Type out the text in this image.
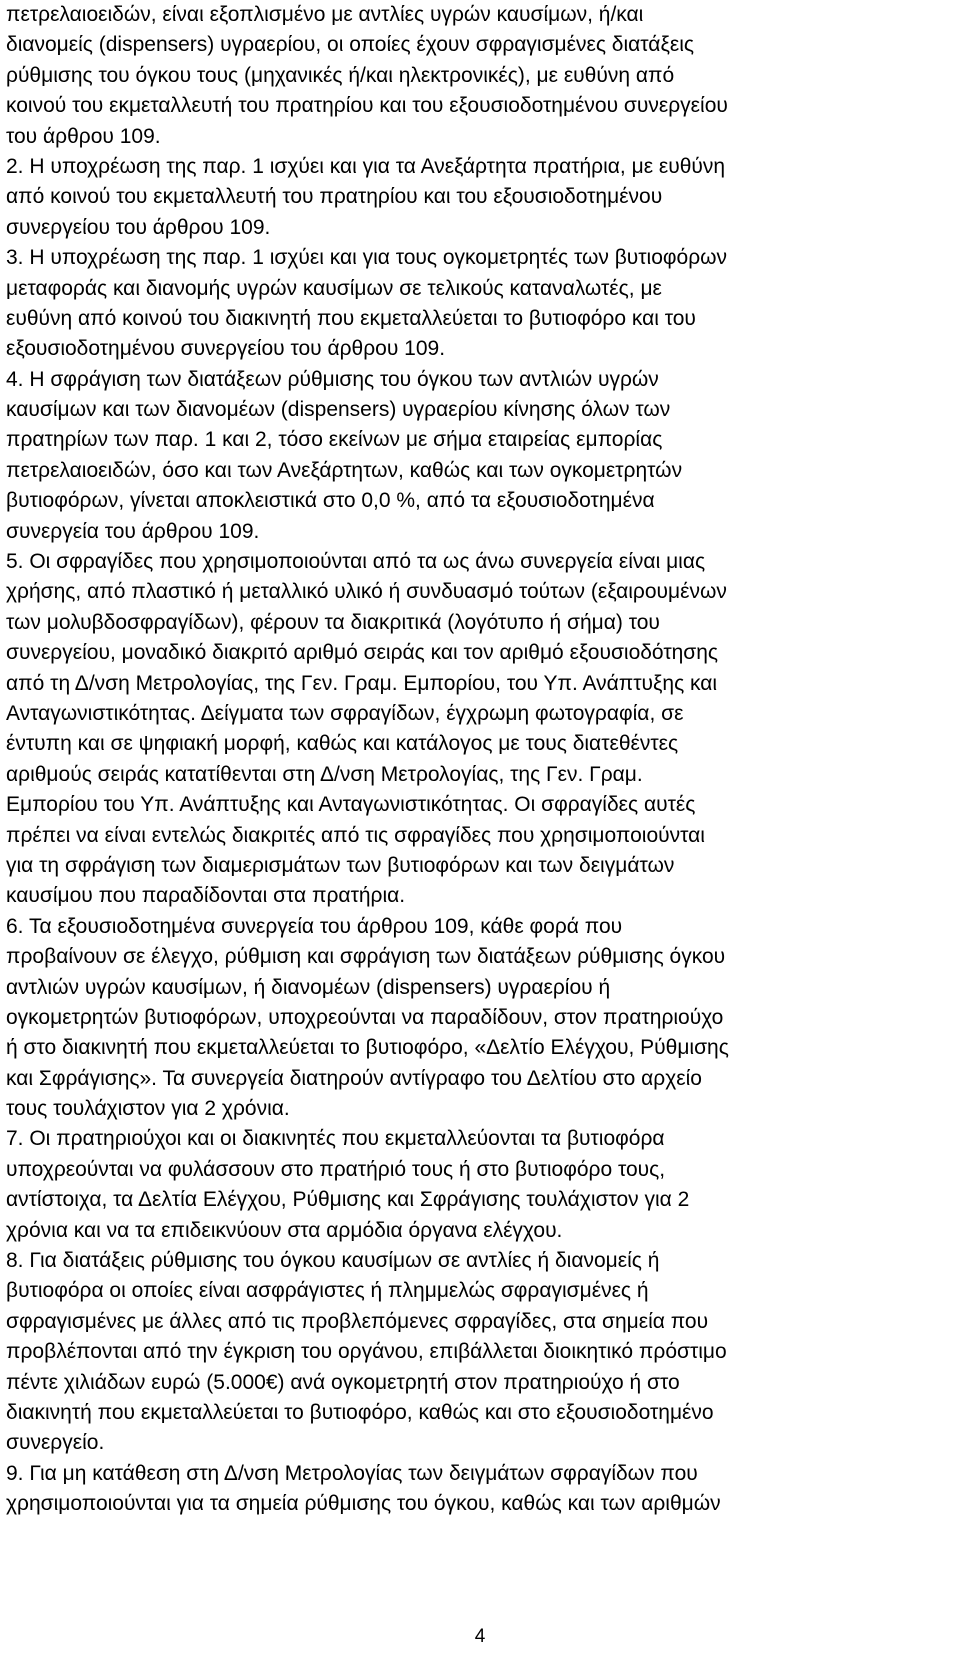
πετρελαιοειδών, είναι εξοπλισμένο με αντλίες υγρών καυσίμων, ή/και
διανομείς (dispensers) υγραερίου, οι οποίες έχουν σφραγισμένες διατάξεις
ρύθμισης του όγκου τους (μηχανικές ή/και ηλεκτρονικές), με ευθύνη από
κοινού του εκμεταλλευτή του πρατηρίου και του εξουσιοδοτημένου συνεργείου
του άρθρου 109.
2. Η υποχρέωση της παρ. 1 ισχύει και για τα Ανεξάρτητα πρατήρια, με ευθύνη
από κοινού του εκμεταλλευτή του πρατηρίου και του εξουσιοδοτημένου
συνεργείου του άρθρου 109.
3. Η υποχρέωση της παρ. 1 ισχύει και για τους ογκομετρητές των βυτιοφόρων
μεταφοράς και διανομής υγρών καυσίμων σε τελικούς καταναλωτές, με
ευθύνη από κοινού του διακινητή που εκμεταλλεύεται το βυτιοφόρο και του
εξουσιοδοτημένου συνεργείου του άρθρου 109.
4. Η σφράγιση των διατάξεων ρύθμισης του όγκου των αντλιών υγρών
καυσίμων και των διανομέων (dispensers) υγραερίου κίνησης όλων των
πρατηρίων των παρ. 1 και 2, τόσο εκείνων με σήμα εταιρείας εμπορίας
πετρελαιοειδών, όσο και των Ανεξάρτητων, καθώς και των ογκομετρητών
βυτιοφόρων, γίνεται αποκλειστικά στο 0,0 %, από τα εξουσιοδοτημένα
συνεργεία του άρθρου 109.
5. Οι σφραγίδες που χρησιμοποιούνται από τα ως άνω συνεργεία είναι μιας
χρήσης, από πλαστικό ή μεταλλικό υλικό ή συνδυασμό τούτων (εξαιρουμένων
των μολυβδοσφραγίδων), φέρουν τα διακριτικά (λογότυπο ή σήμα) του
συνεργείου, μοναδικό διακριτό αριθμό σειράς και τον αριθμό εξουσιοδότησης
από τη Δ/νση Μετρολογίας, της Γεν. Γραμ. Εμπορίου, του Υπ. Ανάπτυξης και
Ανταγωνιστικότητας. Δείγματα των σφραγίδων, έγχρωμη φωτογραφία, σε
έντυπη και σε ψηφιακή μορφή, καθώς και κατάλογος με τους διατεθέντες
αριθμούς σειράς κατατίθενται στη Δ/νση Μετρολογίας, της Γεν. Γραμ.
Εμπορίου του Υπ. Ανάπτυξης και Ανταγωνιστικότητας. Οι σφραγίδες αυτές
πρέπει να είναι εντελώς διακριτές από τις σφραγίδες που χρησιμοποιούνται
για τη σφράγιση των διαμερισμάτων των βυτιοφόρων και των δειγμάτων
καυσίμου που παραδίδονται στα πρατήρια.
6. Τα εξουσιοδοτημένα συνεργεία του άρθρου 109, κάθε φορά που
προβαίνουν σε έλεγχο, ρύθμιση και σφράγιση των διατάξεων ρύθμισης όγκου
αντλιών υγρών καυσίμων, ή διανομέων (dispensers) υγραερίου ή
ογκομετρητών βυτιοφόρων, υποχρεούνται να παραδίδουν, στον πρατηριούχο
ή στο διακινητή που εκμεταλλεύεται το βυτιοφόρο, «Δελτίο Ελέγχου, Ρύθμισης
και Σφράγισης». Τα συνεργεία διατηρούν αντίγραφο του Δελτίου στο αρχείο
τους τουλάχιστον για 2 χρόνια.
7. Οι πρατηριούχοι και οι διακινητές που εκμεταλλεύονται τα βυτιοφόρα
υποχρεούνται να φυλάσσουν στο πρατήριό τους ή στο βυτιοφόρο τους,
αντίστοιχα, τα Δελτία Ελέγχου, Ρύθμισης και Σφράγισης τουλάχιστον για 2
χρόνια και να τα επιδεικνύουν στα αρμόδια όργανα ελέγχου.
8. Για διατάξεις ρύθμισης του όγκου καυσίμων σε αντλίες ή διανομείς ή
βυτιοφόρα οι οποίες είναι ασφράγιστες ή πλημμελώς σφραγισμένες ή
σφραγισμένες με άλλες από τις προβλεπόμενες σφραγίδες, στα σημεία που
προβλέπονται από την έγκριση του οργάνου, επιβάλλεται διοικητικό πρόστιμο
πέντε χιλιάδων ευρώ (5.000€) ανά ογκομετρητή στον πρατηριούχο ή στο
διακινητή που εκμεταλλεύεται το βυτιοφόρο, καθώς και στο εξουσιοδοτημένο
συνεργείο.
9. Για μη κατάθεση στη Δ/νση Μετρολογίας των δειγμάτων σφραγίδων που
χρησιμοποιούνται για τα σημεία ρύθμισης του όγκου, καθώς και των αριθμών
4
